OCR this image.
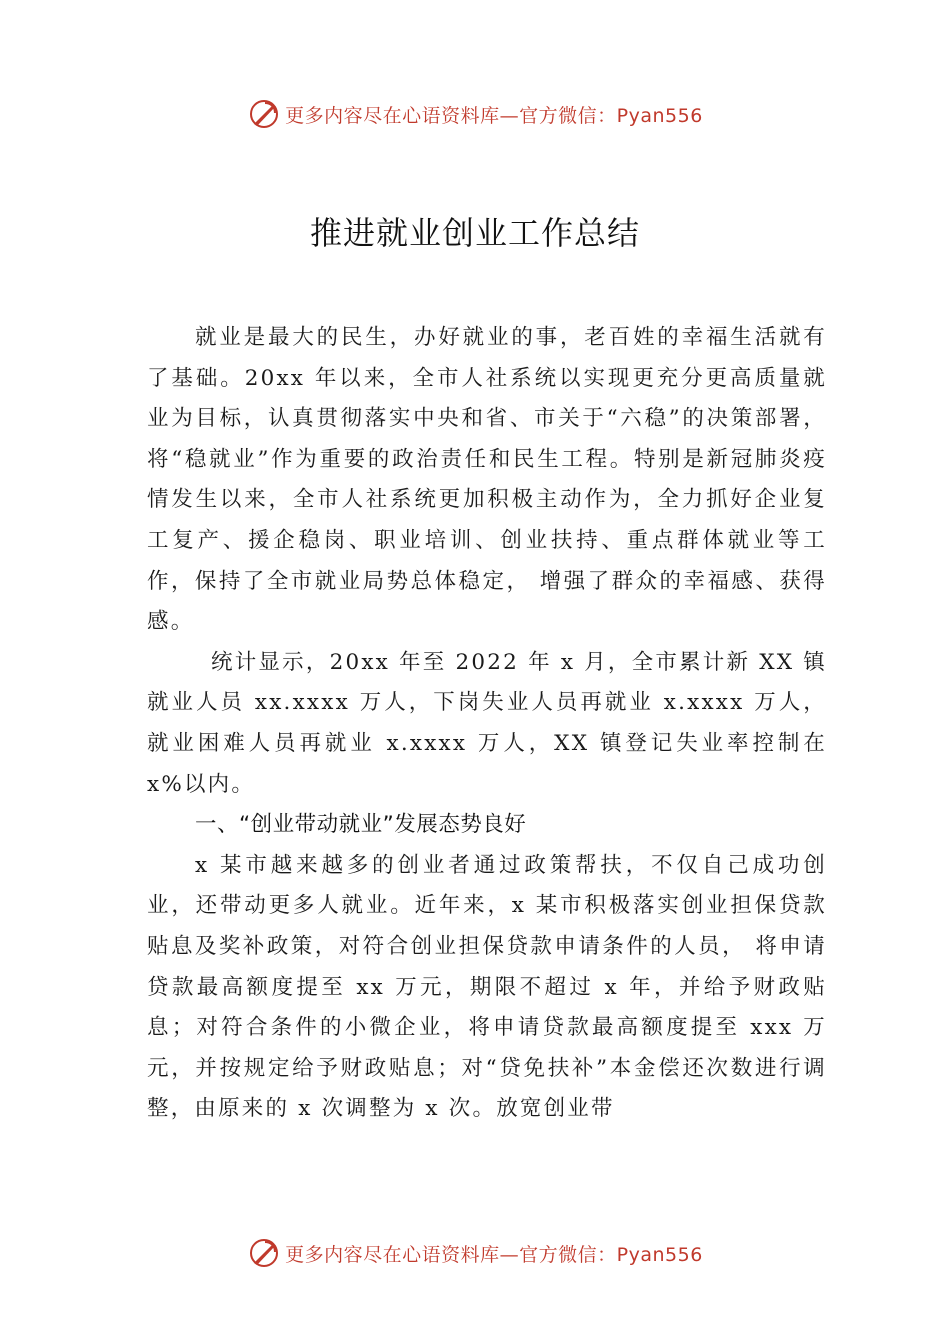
更多内容尽在心语资料库—官方微信：Pyan556
推进就业创业工作总结

就业是最大的民生，办好就业的事，老百姓的幸福生活就有了基础。20xx 年以来，全市人社系统以实现更充分更高质量就业为目标，认真贯彻落实中央和省、市关于“六稳”的决策部署，将“稳就业”作为重要的政治责任和民生工程。特别是新冠肺炎疫情发生以来，全市人社系统更加积极主动作为，全力抓好企业复工复产、援企稳岗、职业培训、创业扶持、重点群体就业等工作，保持了全市就业局势总体稳定， 增强了群众的幸福感、获得感。

统计显示，20xx 年至 2022 年 x 月，全市累计新 XX 镇就业人员 xx.xxxx 万人，下岗失业人员再就业 x.xxxx 万人， 就业困难人员再就业 x.xxxx 万人，XX 镇登记失业率控制在 x%以内。

一、“创业带动就业”发展态势良好

x 某市越来越多的创业者通过政策帮扶，不仅自己成功创业，还带动更多人就业。近年来，x 某市积极落实创业担保贷款贴息及奖补政策，对符合创业担保贷款申请条件的人员， 将申请贷款最高额度提至 xx 万元，期限不超过 x 年，并给予财政贴息；对符合条件的小微企业，将申请贷款最高额度提至 xxx 万元，并按规定给予财政贴息；对“贷免扶补”本金偿还次数进行调整，由原来的 x 次调整为 x 次。放宽创业带

更多内容尽在心语资料库—官方微信：Pyan556
